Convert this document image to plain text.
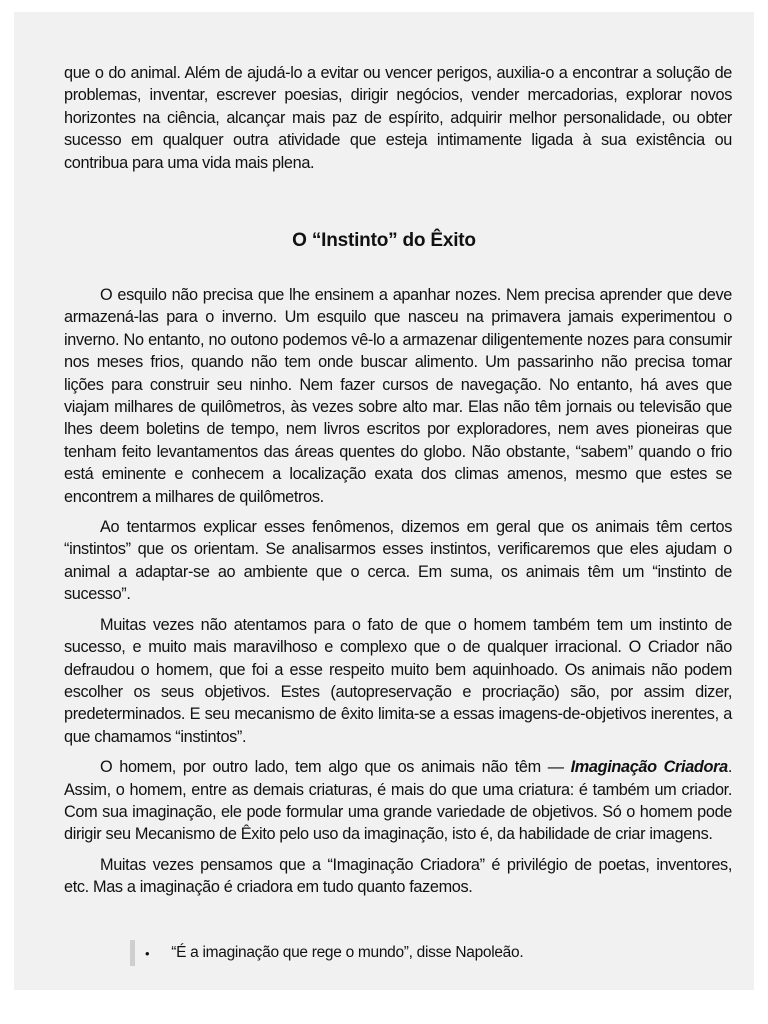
que o do animal. Além de ajudá-lo a evitar ou vencer perigos, auxilia-o a encontrar a solução de problemas, inventar, escrever poesias, dirigir negócios, vender mercadorias, explorar novos horizontes na ciência, alcançar mais paz de espírito, adquirir melhor personalidade, ou obter sucesso em qualquer outra atividade que esteja intimamente ligada à sua existência ou contribua para uma vida mais plena.

O “Instinto” do Êxito

O esquilo não precisa que lhe ensinem a apanhar nozes. Nem precisa aprender que deve armazená-las para o inverno. Um esquilo que nasceu na primavera jamais experimentou o inverno. No entanto, no outono podemos vê-lo a armazenar diligentemente nozes para consumir nos meses frios, quando não tem onde buscar alimento. Um passarinho não precisa tomar lições para construir seu ninho. Nem fazer cursos de navegação. No entanto, há aves que viajam milhares de quilômetros, às vezes sobre alto mar. Elas não têm jornais ou televisão que lhes deem boletins de tempo, nem livros escritos por exploradores, nem aves pioneiras que tenham feito levantamentos das áreas quentes do globo. Não obstante, “sabem” quando o frio está eminente e conhecem a localização exata dos climas amenos, mesmo que estes se encontrem a milhares de quilômetros.

Ao tentarmos explicar esses fenômenos, dizemos em geral que os animais têm certos “instintos” que os orientam. Se analisarmos esses instintos, verificaremos que eles ajudam o animal a adaptar-se ao ambiente que o cerca. Em suma, os animais têm um “instinto de sucesso”.

Muitas vezes não atentamos para o fato de que o homem também tem um instinto de sucesso, e muito mais maravilhoso e complexo que o de qualquer irracional. O Criador não defraudou o homem, que foi a esse respeito muito bem aquinhoado. Os animais não podem escolher os seus objetivos. Estes (autopreservação e procriação) são, por assim dizer, predeterminados. E seu mecanismo de êxito limita-se a essas imagens-de-objetivos inerentes, a que chamamos “instintos”.

O homem, por outro lado, tem algo que os animais não têm — Imaginação Criadora. Assim, o homem, entre as demais criaturas, é mais do que uma criatura: é também um criador. Com sua imaginação, ele pode formular uma grande variedade de objetivos. Só o homem pode dirigir seu Mecanismo de Êxito pelo uso da imaginação, isto é, da habilidade de criar imagens.

Muitas vezes pensamos que a “Imaginação Criadora” é privilégio de poetas, inventores, etc. Mas a imaginação é criadora em tudo quanto fazemos.

• “É a imaginação que rege o mundo”, disse Napoleão.
